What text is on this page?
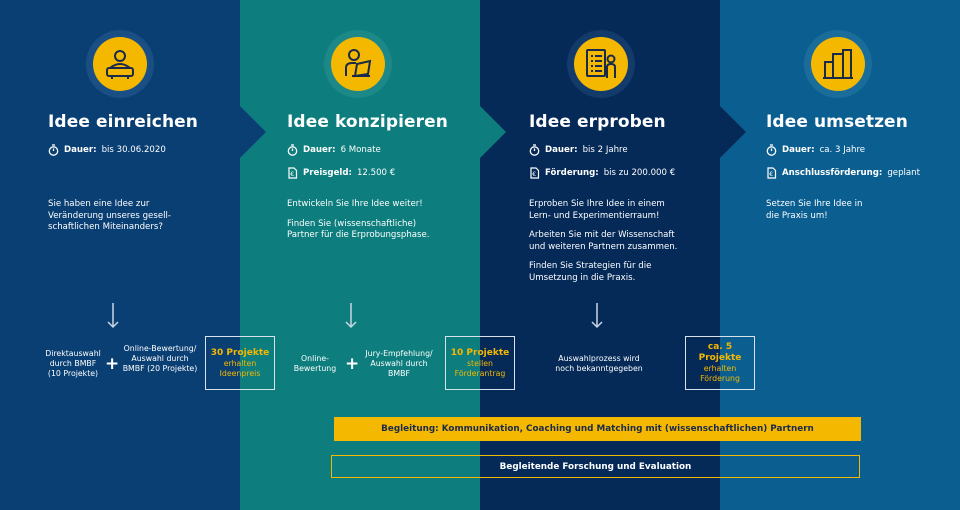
Idee einreichen
Dauer: bis 30.06.2020

Sie haben eine Idee zur Veränderung unseres gesell-schaftlichen Miteinanders?

Idee konzipieren
Dauer: 6 Monate
€ Preisgeld: 12.500 €

Entwickeln Sie Ihre Idee weiter!

Finden Sie (wissenschaftliche) Partner für die Erprobungsphase.

Idee erproben
Dauer: bis 2 Jahre
€ Förderung: bis zu 200.000 €

Erproben Sie Ihre Idee in einem Lern- und Experimentierraum!

Arbeiten Sie mit der Wissenschaft und weiteren Partnern zusammen.

Finden Sie Strategien für die Umsetzung in die Praxis.

Idee umsetzen
Dauer: ca. 3 Jahre
€ Anschlussförderung: geplant

Setzen Sie Ihre Idee in die Praxis um!

Direktauswahl durch BMBF (10 Projekte) +
Online-Bewertung/ Auswahl durch BMBF (20 Projekte)
30 Projekte
erhalten Ideenpreis
Online-Bewertung +
Jury-Empfehlung/ Auswahl durch BMBF
10 Projekte
stellen Förderantrag
Auswahlprozess wird noch bekanntgegeben
ca. 5 Projekte
erhalten Förderung
Begleitung: Kommunikation, Coaching und Matching mit (wissenschaftlichen) Partnern
Begleitende Forschung und Evaluation
